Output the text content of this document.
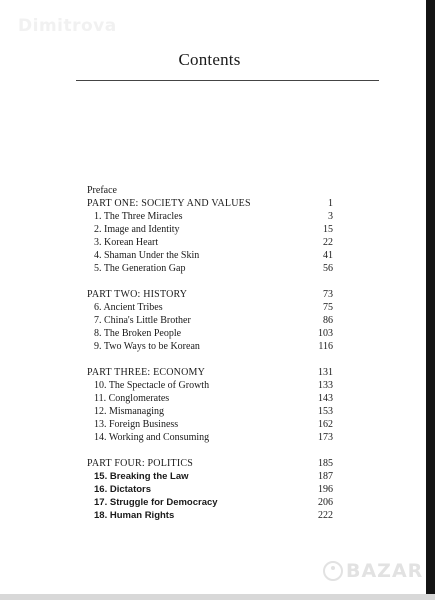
Dimitrova
Contents
Preface
PART ONE: SOCIETY AND VALUES	1
1. The Three Miracles	3
2. Image and Identity	15
3. Korean Heart	22
4. Shaman Under the Skin	41
5. The Generation Gap	56
PART TWO: HISTORY	73
6. Ancient Tribes	75
7. China's Little Brother	86
8. The Broken People	103
9. Two Ways to be Korean	116
PART THREE: ECONOMY	131
10. The Spectacle of Growth	133
11. Conglomerates	143
12. Mismanaging	153
13. Foreign Business	162
14. Working and Consuming	173
PART FOUR: POLITICS	185
15. Breaking the Law	187
16. Dictators	196
17. Struggle for Democracy	206
18. Human Rights	222
BAZAR
